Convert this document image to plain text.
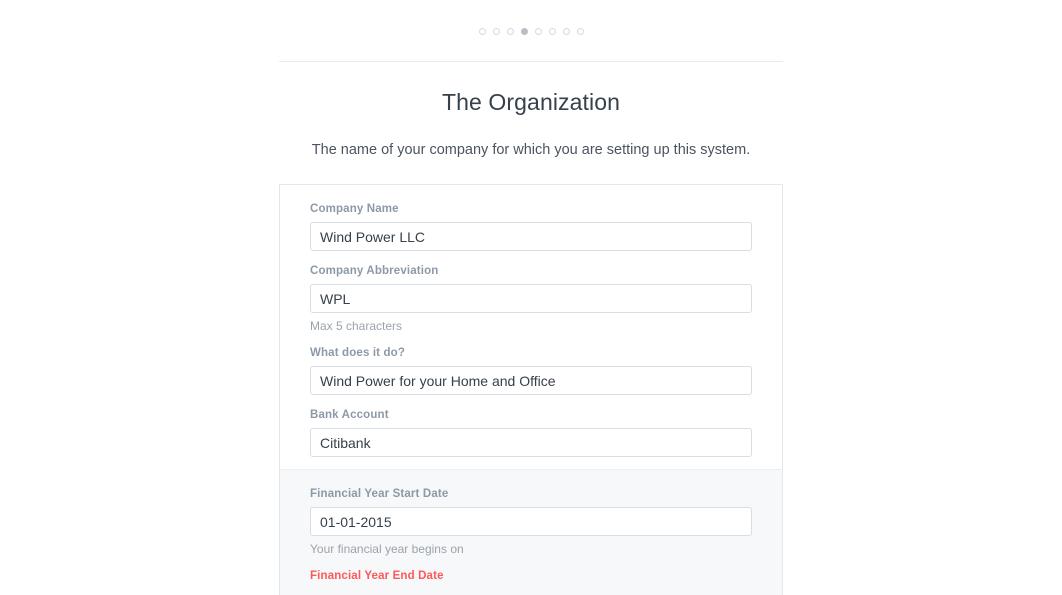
The Organization

The name of your company for which you are setting up this system.

Company Name
Wind Power LLC
Company Abbreviation
WPL
Max 5 characters
What does it do?
Wind Power for your Home and Office
Bank Account
Citibank
Financial Year Start Date
01-01-2015
Your financial year begins on
Financial Year End Date
